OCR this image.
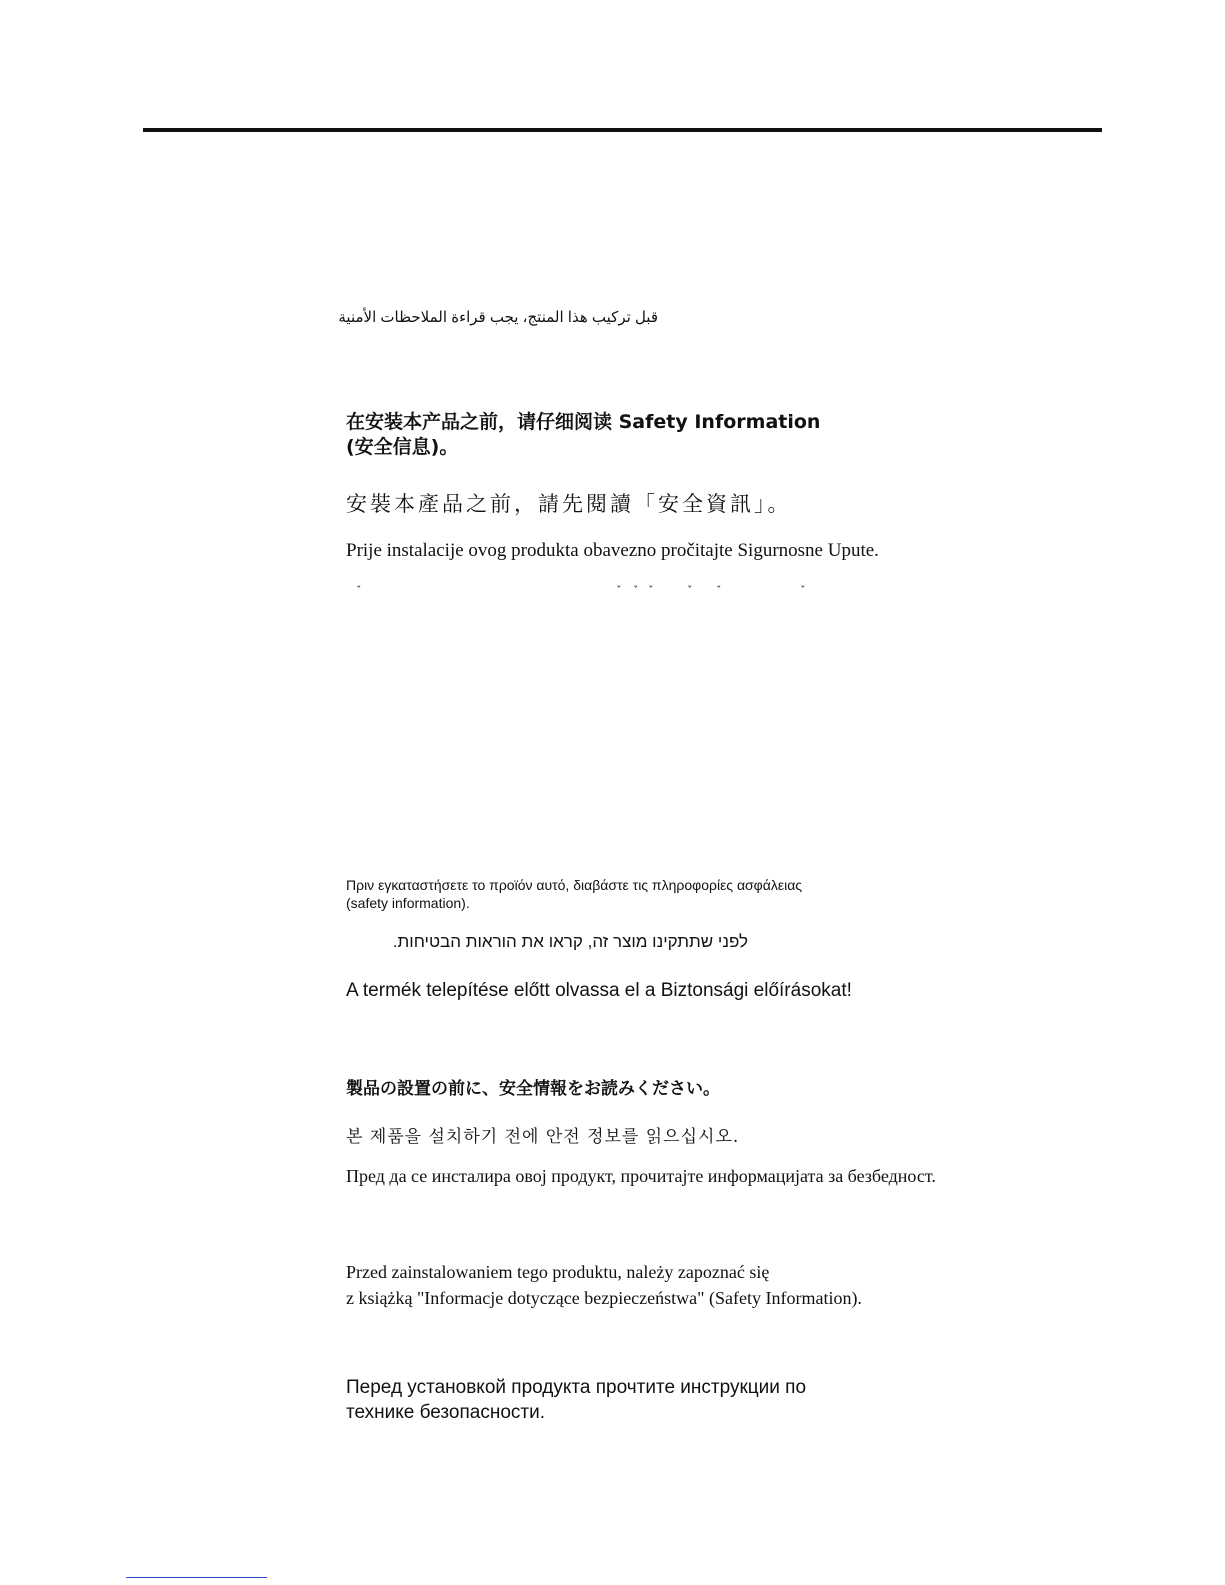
قبل تركيب هذا المنتج، يجب قراءة الملاحظات الأمنية

在安装本产品之前，请仔细阅读 Safety Information
(安全信息)。

安裝本產品之前，請先閱讀「安全資訊」。

Prije instalacije ovog produkta obavezno pročitajte Sigurnosne Upute.

ˇ	ˇ ˇ ˇ	ˇ ˇ	ˇ
Πριν εγκαταστήσετε το προϊόν αυτό, διαβάστε τις πληροφορίες ασφάλειας
(safety information).

לפני שתתקינו מוצר זה, קראו את הוראות הבטיחות.

A termék telepítése előtt olvassa el a Biztonsági előírásokat!

製品の設置の前に、安全情報をお読みください。

본 제품을 설치하기 전에 안전 정보를 읽으십시오.

Пред да се инсталира овој продукт, прочитајте информацијата за безбедност.

Przed zainstalowaniem tego produktu, należy zapoznać się
z książką "Informacje dotyczące bezpieczeństwa" (Safety Information).
Перед установкой продукта прочтите инструкции по
технике безопасности.
